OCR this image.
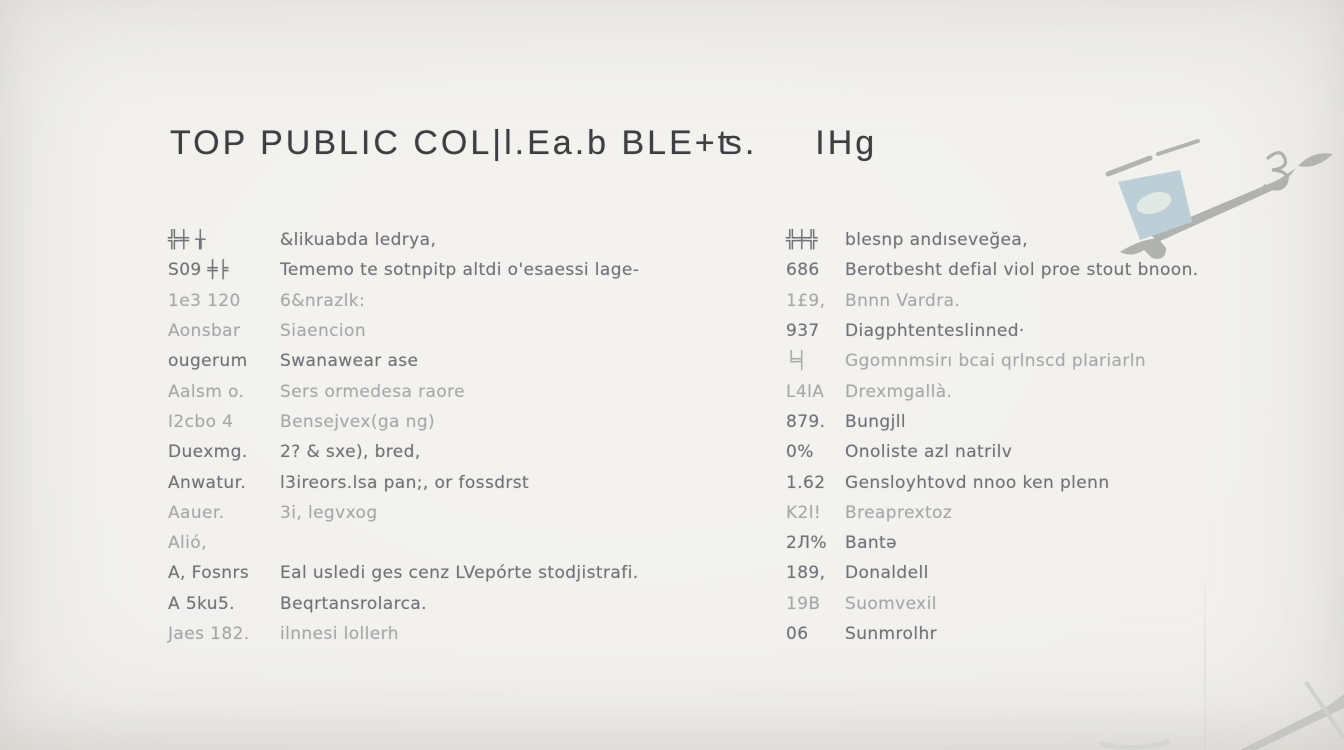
TOP PUBLIC COL|l.Ea.b BLE+ʦ. IHg
╬╪ ╁	&likuabda ledrya,
S09 ╪╞	Tememo te sotnpitp altdi o'esaessi lage-
1e3 120	6&nrazlk:
Aonsbar	Siaencion
ougerum	Swanawear ase
Aalsm o.	Sers ormedesa raore
I2cbo 4	Bensejvex(ga ng)
Duexmg.	2? & sxe), bred,
Anwatur.	l3ireors.lsa pan;, or fossdrst
Aauer.	3i, legvxog
Alió,
A, Fosnrs	Eal usledi ges cenz LVepórte stodjistrafi.
A 5ku5.	Beqrtansrolarca.
Jaes 182.	ilnnesi lollerh
╬╪╬	blesnp andıseveğea,
686	Berotbesht defial viol proe stout bnoon.
1£9,	Bnnn Vardra.
937	Diagphtenteslinned·
╘╡	Ggomnmsirı bcai qrlnscd plariarln
L4lA	Drexmgallà.
879.	Bungjll
0%	Onoliste azl natrilv
1.62	Gensloyhtovd nnoo ken plenn
K2l!	Breaprextoz
2Л%	Bantə
189,	Donaldell
19B	Suomvexil
06	Sunmrolhr
